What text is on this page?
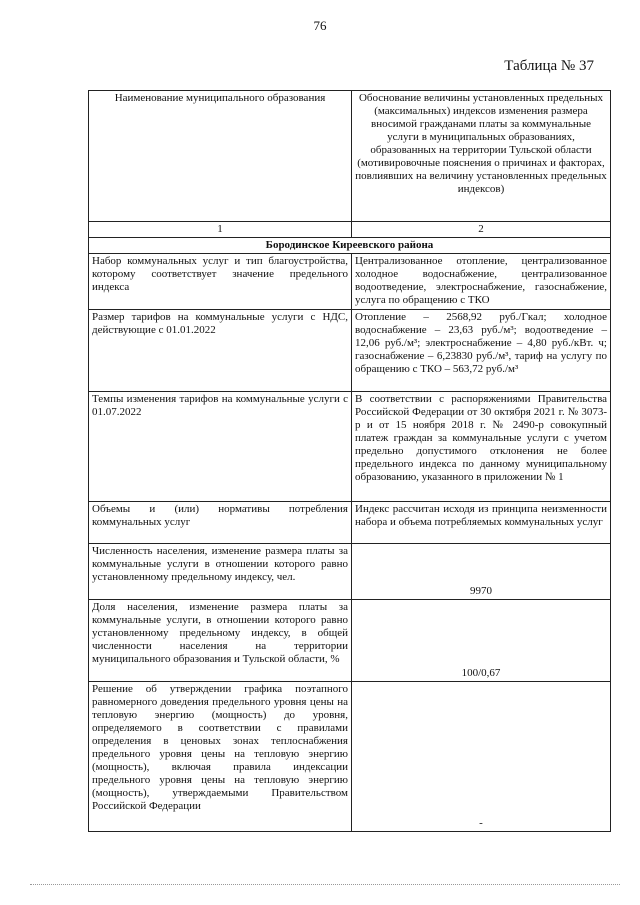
76
Таблица № 37
Наименование муниципального образования	Обоснование величины установленных предельных (максимальных) индексов изменения размера вносимой гражданами платы за коммунальные услуги в муниципальных образованиях, образованных на территории Тульской области (мотивировочные пояснения о причинах и факторах, повлиявших на величину установленных предельных индексов)
1	2
Бородинское Киреевского района	
Набор коммунальных услуг и тип благоустройства, которому соответствует значение предельного индекса	Централизованное отопление, централизованное холодное водоснабжение, централизованное водоотведение, электроснабжение, газоснабжение, услуга по обращению с ТКО
Размер тарифов на коммунальные услуги с НДС, действующие с 01.01.2022	Отопление – 2568,92 руб./Гкал; холодное водоснабжение – 23,63 руб./м³; водоотведение – 12,06 руб./м³; электроснабжение – 4,80 руб./кВт. ч; газоснабжение – 6,23830 руб./м³, тариф на услугу по обращению с ТКО – 563,72 руб./м³
Темпы изменения тарифов на коммунальные услуги с 01.07.2022	В соответствии с распоряжениями Правительства Российской Федерации от 30 октября 2021 г. № 3073-р и от 15 ноября 2018 г. № 2490-р совокупный платеж граждан за коммунальные услуги с учетом предельно допустимого отклонения не более предельного индекса по данному муниципальному образованию, указанного в приложении № 1
Объемы и (или) нормативы потребления коммунальных услуг	Индекс рассчитан исходя из принципа неизменности набора и объема потребляемых коммунальных услуг
Численность населения, изменение размера платы за коммунальные услуги в отношении которого равно установленному предельному индексу, чел.	9970
Доля населения, изменение размера платы за коммунальные услуги, в отношении которого равно установленному предельному индексу, в общей численности населения на территории муниципального образования и Тульской области, %	100/0,67
Решение об утверждении графика поэтапного равномерного доведения предельного уровня цены на тепловую энергию (мощность) до уровня, определяемого в соответствии с правилами определения в ценовых зонах теплоснабжения предельного уровня цены на тепловую энергию (мощность), включая правила индексации предельного уровня цены на тепловую энергию (мощность), утверждаемыми Правительством Российской Федерации	-
